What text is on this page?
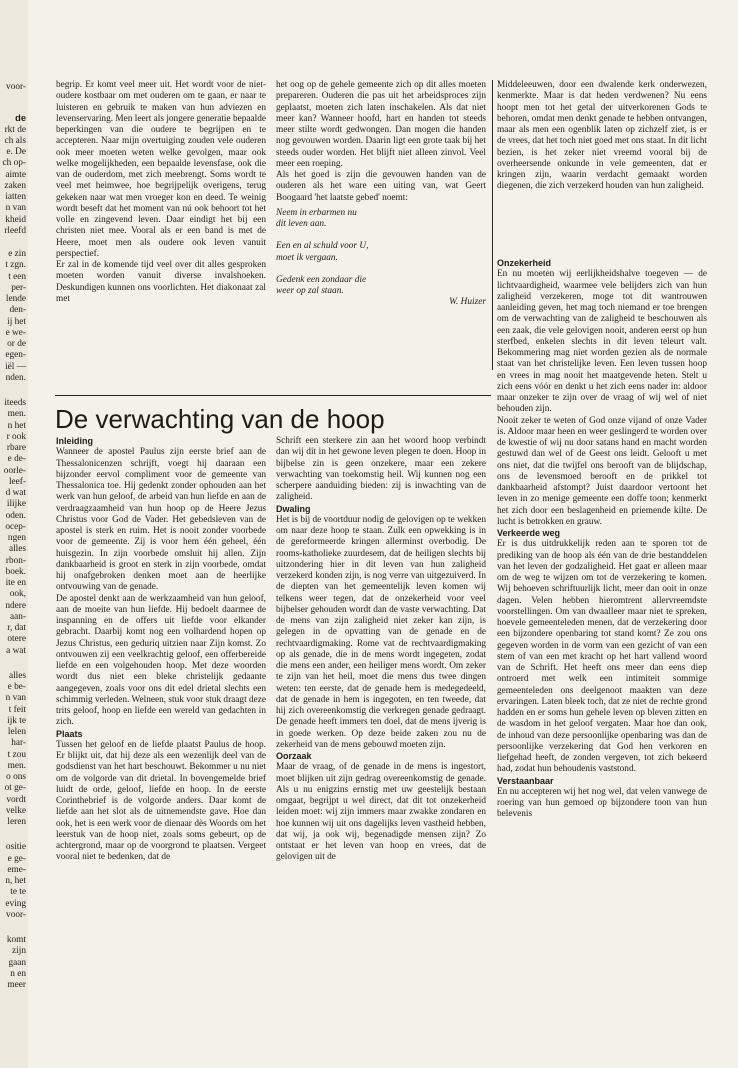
voor-
de
rkt de
ch als
e. De
ch op-
aimte
zaken
iatten
n van
kheid
rleefd
e zin
t zgn.
t een
per-
lende
den-
ij het
e we-
or de
egen-
iël —
nden.
iteeds
men.
n het
r ook
rbare
e de-
oorle-
leef-
d wat
ilijke
oden.
ocep-
ngen
alles
rbon-
boek.
ite en
ook,
ndere
aan-
r, dat
otere
a wat
alles
e be-
n van
t feit
ijk te
lelen
har-
t zou
men.
o ons
ot ge-
vordt
velke
leren
ositie
e ge-
eme-
n, het
te te
eving
voor-
komt
zijn
gaan
n en
meer

begrip. Er komt veel meer uit. Het wordt voor de niet-oudere kostbaar om met ouderen om te gaan, er naar te luisteren en gebruik te maken van hun adviezen en levenservaring. Men leert als jongere generatie bepaalde beperkingen van die oudere te begrijpen en te accepteren. Naar mijn overtuiging zouden vele ouderen ook meer moeten weten welke gevolgen, maar ook welke mogelijkheden, een bepaalde levensfase, ook die van de ouderdom, met zich meebrengt. Soms wordt te veel met heimwee, hoe begrijpelijk overigens, terug gekeken naar wat men vroeger kon en deed. Te weinig wordt beseft dat het moment van nú ook behoort tot het volle en zingevend leven. Daar eindigt het bij een christen niet mee. Vooral als er een band is met de Heere, moet men als oudere ook leven vanuit perspectief.

Er zal in de komende tijd veel over dit alles gesproken moeten worden vanuit diverse invalshoeken. Deskundigen kunnen ons voorlichten. Het diakonaat zal met

het oog op de gehele gemeente zich op dit alles moeten prepareren. Ouderen die pas uit het arbeidsproces zijn geplaatst, moeten zich laten inschakelen. Als dat niet meer kan? Wanneer hoofd, hart en handen tot steeds meer stilte wordt gedwongen. Dan mogen die handen nog gevouwen worden. Daarin ligt een grote taak bij het steeds ouder worden. Het blijft niet alleen zinvol. Veel meer een roeping.

Als het goed is zijn die gevouwen handen van de ouderen als het ware een uiting van, wat Geert Boogaard 'het laatste gebed' noemt:

Neem in erbarmen nu
dit leven aan.

Een en al schuld voor U,
moet ik vergaan.

Gedenk een zondaar die
weer op zal staan.

W. Huizer

Middeleeuwen, door een dwalende kerk onderwezen, kenmerkte. Maar is dat heden verdwenen? Nu eens hoopt men tot het getal der uitverkorenen Gods te behoren, omdat men denkt genade te hebben ontvangen, maar als men een ogenblik laten op zichzelf ziet, is er de vrees, dat het toch niet goed met ons staat. In dit licht bezien, is het zeker niet vreemd vooral bij de overheersende onkunde in vele gemeenten, dat er kringen zijn, waarin verdacht gemaakt worden diegenen, die zich verzekerd houden van hun zaligheid.

De verwachting van de hoop

Inleiding

Wanneer de apostel Paulus zijn eerste brief aan de Thessalonicenzen schrijft, voegt hij daaraan een bijzonder eervol compliment voor de gemeente van Thessalonica toe. Hij gedenkt zonder ophouden aan het werk van hun geloof, de arbeid van hun liefde en aan de verdraagzaamheid van hun hoop op de Heere Jezus Christus voor God de Vader. Het gebedsleven van de apostel is sterk en ruim. Het is nooit zonder voorbede voor de gemeente. Zij is voor hem één geheel, één huisgezin. In zijn voorbede omsluit hij allen. Zijn dankbaarheid is groot en sterk in zijn voorbede, omdat hij onafgebroken denken moet aan de heerlijke ontvouwing van de genade.

De apostel denkt aan de werkzaamheid van hun geloof, aan de moeite van hun liefde. Hij bedoelt daarmee de inspanning en de offers uit liefde voor elkander gebracht. Daarbij komt nog een volhardend hopen op Jezus Christus, een geduriq uitzien naar Zijn komst. Zo ontvouwen zij een veelkrachtig geloof, een offerbereide liefde en een volgehouden hoop. Met deze woorden wordt dus niet een bleke christelijk gedaante aangegeven, zoals voor ons dit edel drietal slechts een schimmig verleden. Welneen, stuk voor stuk draagt deze trits geloof, hoop en liefde een wereld van gedachten in zich.

Plaats

Tussen het geloof en de liefde plaatst Paulus de hoop. Er blijkt uit, dat hij deze als een wezenlijk deel van de godsdienst van het hart beschouwt. Bekommer u nu niet om de volgorde van dit drietal. In bovengemelde brief luidt de orde, geloof, liefde en hoop. In de eerste Corinthebrief is de volgorde anders. Daar komt de liefde aan het slot als de uitnemendste gave. Hoe dan ook, het is een werk voor de dienaar dès Woords om het leerstuk van de hoop niet, zoals soms gebeurt, op de achtergrond, maar op de voorgrond te plaatsen. Vergeet vooral niet te bedenken, dat de

Schrift een sterkere zin aan het woord hoop verbindt dan wij dit in het gewone leven plegen te doen. Hoop in bijbelse zin is geen onzekere, maar een zekere verwachting van toekomstig heil. Wij kunnen nog een scherpere aanduiding bieden: zij is inwachting van de zaligheid.

Dwaling

Het is bij de voortduur nodig de gelovigen op te wekken om naar deze hoop te staan. Zulk een opwekking is in de gereformeerde kringen allerminst overbodig. De rooms-katholieke zuurdesem, dat de heiligen slechts bij uitzondering hier in dit leven van hun zaligheid verzekerd konden zijn, is nog verre van uitgezuiverd. In de diepten van het gemeentelijk leven komen wij telkens weer tegen, dat de onzekerheid voor veel bijbelser gehouden wordt dan de vaste verwachting. Dat de mens van zijn zaligheid niet zeker kan zijn, is gelegen in de opvatting van de genade en de rechtvaardigmaking. Rome vat de rechtvaardigmaking op als genade, die in de mens wordt ingegeten, zodat die mens een ander, een heiliger mens wordt. Om zeker te zijn van het heil, moet die mens dus twee dingen weten: ten eerste, dat de genade hem is medegedeeld, dat de genade in hem is ingegoten, en ten tweede, dat hij zich overeenkomstig die verkregen genade gedraagt. De genade heeft immers ten doel, dat de mens ijverig is in goede werken. Op deze beide zaken zou nu de zekerheid van de mens gebouwd moeten zijn.

Oorzaak

Maar de vraag, of de genade in de mens is ingestort, moet blijken uit zijn gedrag overeenkomstig de genade. Als u nu enigzins ernstig met uw geestelijk bestaan omgaat, begrijpt u wel direct, dat dit tot onzekerheid leiden moet: wij zijn immers maar zwakke zondaren en hoe kunnen wij uit ons dagelijks leven vastheid hebben, dat wij, ja ook wij, begenadigde mensen zijn? Zo ontstaat er het leven van hoop en vrees, dat de gelovigen uit de

Onzekerheid

En nu moeten wij eerlijkheidshalve toegeven — de lichtvaardigheid, waarmee vele belijders zich van hun zaligheid verzekeren, moge tot dit wantrouwen aanleiding geven, het mag toch niemand er toe brengen om de verwachting van de zaligheid te beschouwen als een zaak, die vele gelovigen nooit, anderen eerst op hun sterfbed, enkelen slechts in dit leven teleurt valt. Bekommering mag niet worden gezien als de normale staat van het christelijke leven. Een leven tussen hoop en vrees in mag nooit het maatgevende heten. Stelt u zich eens vóór en denkt u het zich eens nader in: aldoor maar onzeker te zijn over de vraag of wij wel of niet behouden zijn.

Nooit zeker te weten of God onze vijand of onze Vader is. Aldoor maar heen en weer geslingerd te worden over de kwestie of wij nu door satans hand en macht worden gestuwd dan wel of de Geest ons leidt. Gelooft u met ons niet, dat die twijfel ons berooft van de blijdschap, ons de levensmoed berooft en de prikkel tot dankbaarheid afstompt? Juist daardoor vertoont het leven in zo menige gemeente een doffe toon; kenmerkt het zich door een beslagenheid en priemende kilte. De lucht is betrokken en grauw.

Verkeerde weg

Er is dus uitdrukkelijk reden aan te sporen tot de prediking van de hoop als één van de drie bestanddelen van het leven der godzaligheid. Het gaat er alleen maar om de weg te wijzen om tot de verzekering te komen. Wij behoeven schriftuurlijk licht, meer dan ooit in onze dagen. Velen hebben hieromtrent allervreemdste voorstellingen. Om van dwaalleer maar niet te spreken, hoevele gemeenteleden menen, dat de verzekering door een bijzondere openbaring tot stand komt? Ze zou ons gegeven worden in de vorm van een gezicht of van een stem of van een met kracht op het hart vallend woord van de Schrift. Het heeft ons meer dan eens diep ontroerd met welk een intimiteit sommige gemeenteleden ons deelgenoot maakten van deze ervaringen. Laten bleek toch, dat ze niet de rechte grond hadden en er soms hun gehele leven op bleven zitten en de wasdom in het geloof vergaten. Maar hoe dan ook, de inhoud van deze persoonlijke openbaring was dan de persoonlijke verzekering dat God hen verkoren en liefgehad heeft, de zonden vergeven, tot zich bekeerd had, zodat hun behoudenis vaststond.

Verstaanbaar

En nu accepteren wij het nog wel, dat velen vanwege de roering van hun gemoed op bijzondere toon van hun belevenis
